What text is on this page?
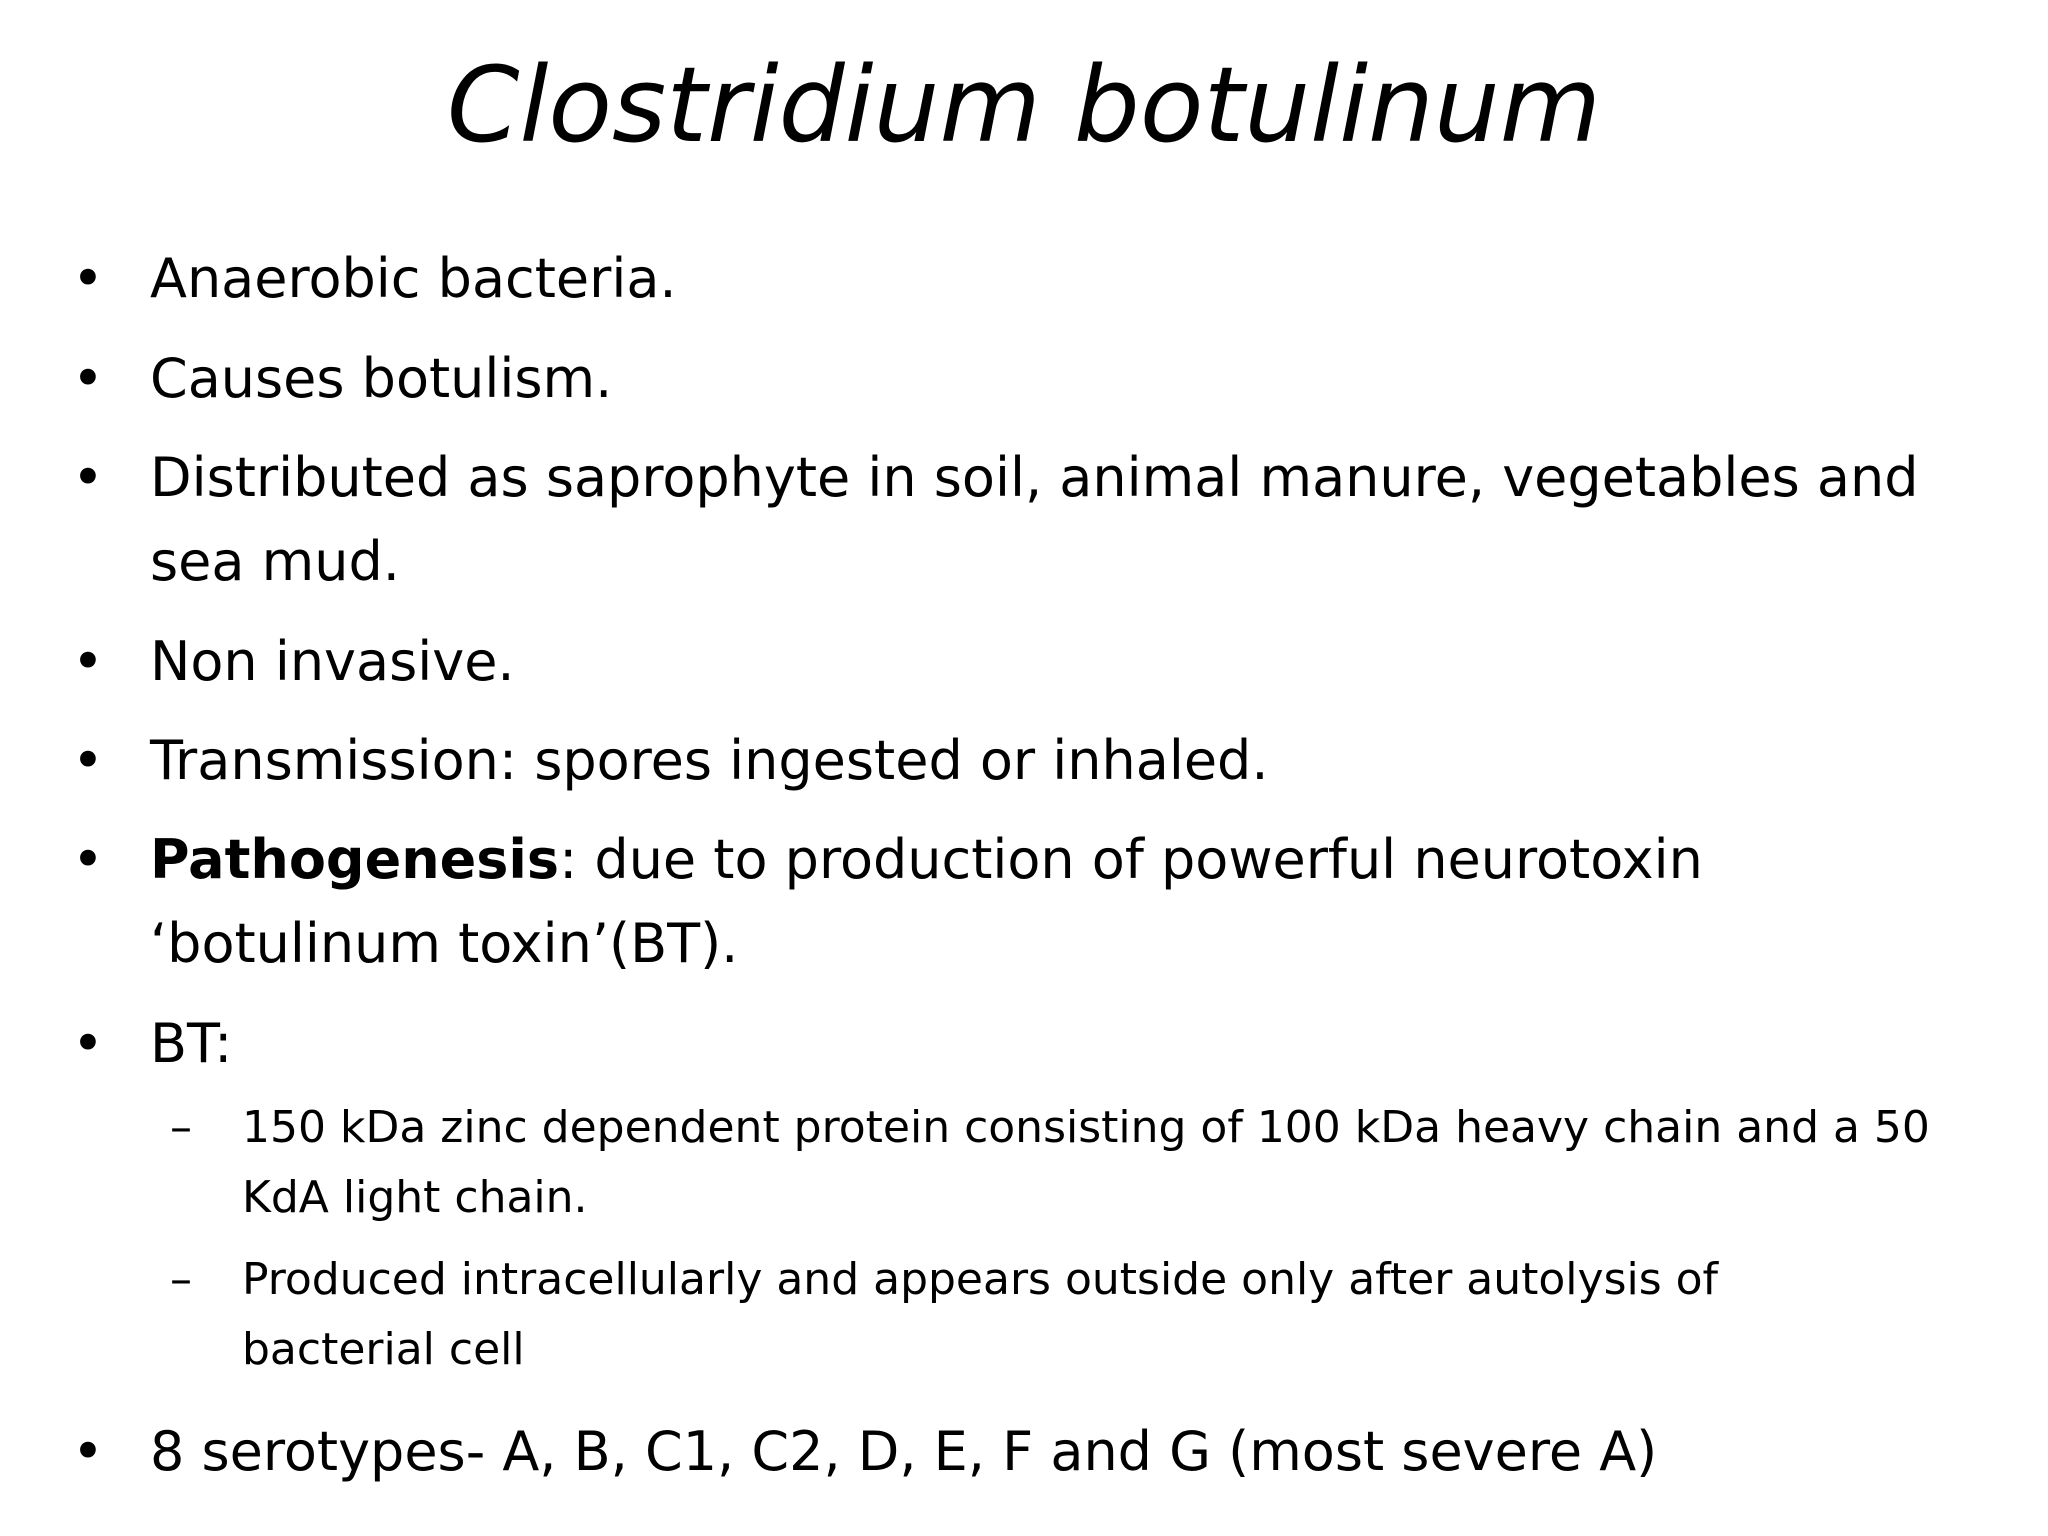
Clostridium botulinum
• Anaerobic bacteria.
• Causes botulism.
• Distributed as saprophyte in soil, animal manure, vegetables and
sea mud.
• Non invasive.
• Transmission: spores ingested or inhaled.
• Pathogenesis: due to production of powerful neurotoxin
‘botulinum toxin’(BT).
• BT:
– 150 kDa zinc dependent protein consisting of 100 kDa heavy chain and a 50
KdA light chain.
– Produced intracellularly and appears outside only after autolysis of
bacterial cell
• 8 serotypes- A, B, C1, C2, D, E, F and G (most severe A)
